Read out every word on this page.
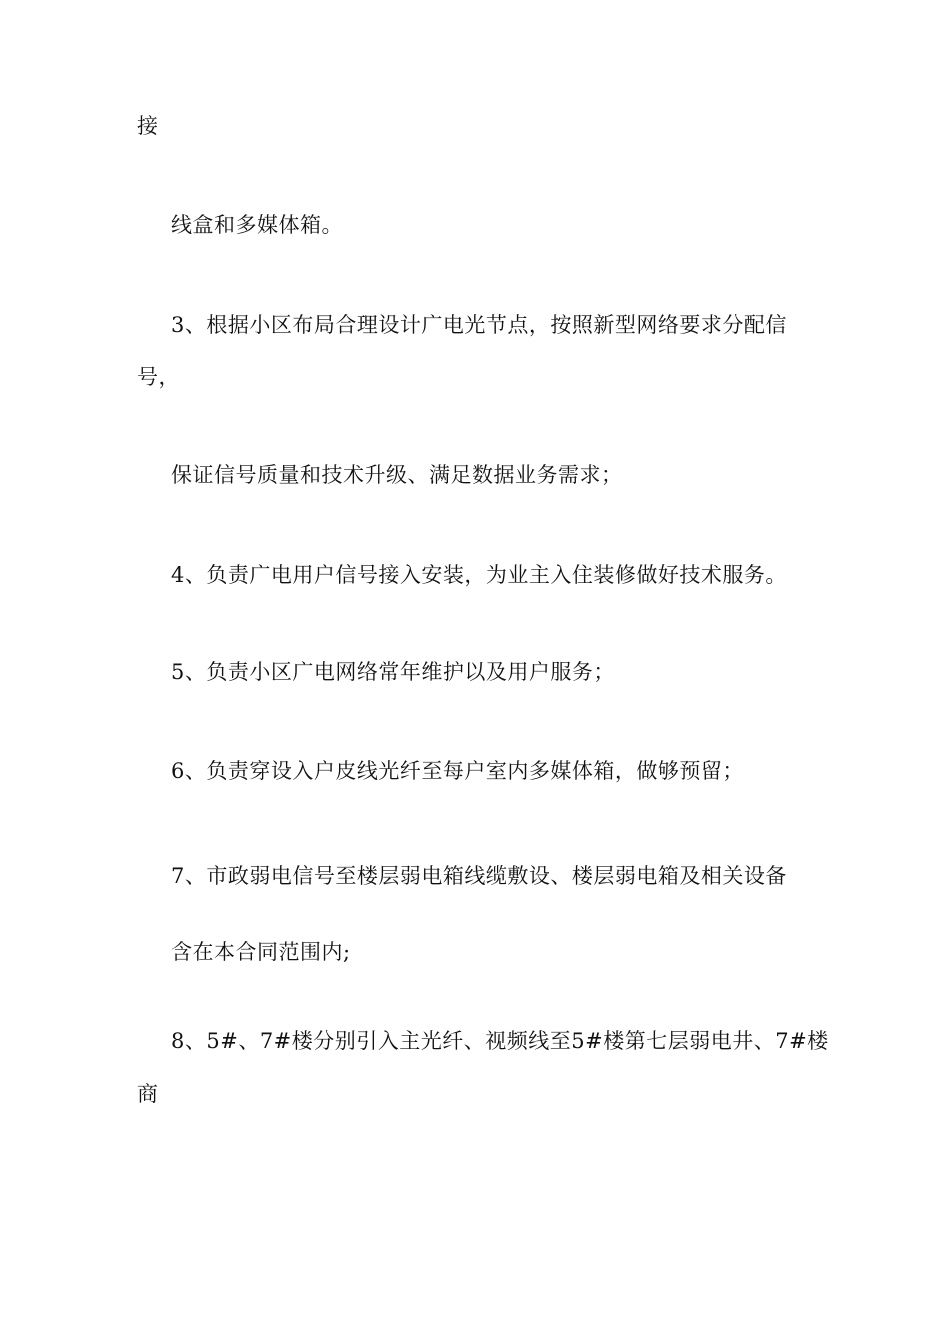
接
线盒和多媒体箱。
3、根据小区布局合理设计广电光节点，按照新型网络要求分配信
号，
保证信号质量和技术升级、满足数据业务需求；
4、负责广电用户信号接入安装，为业主入住装修做好技术服务。
5、负责小区广电网络常年维护以及用户服务；
6、负责穿设入户皮线光纤至每户室内多媒体箱，做够预留；
7、市政弱电信号至楼层弱电箱线缆敷设、楼层弱电箱及相关设备
含在本合同范围内;
8、5#、7#楼分别引入主光纤、视频线至5#楼第七层弱电井、7#楼
商
